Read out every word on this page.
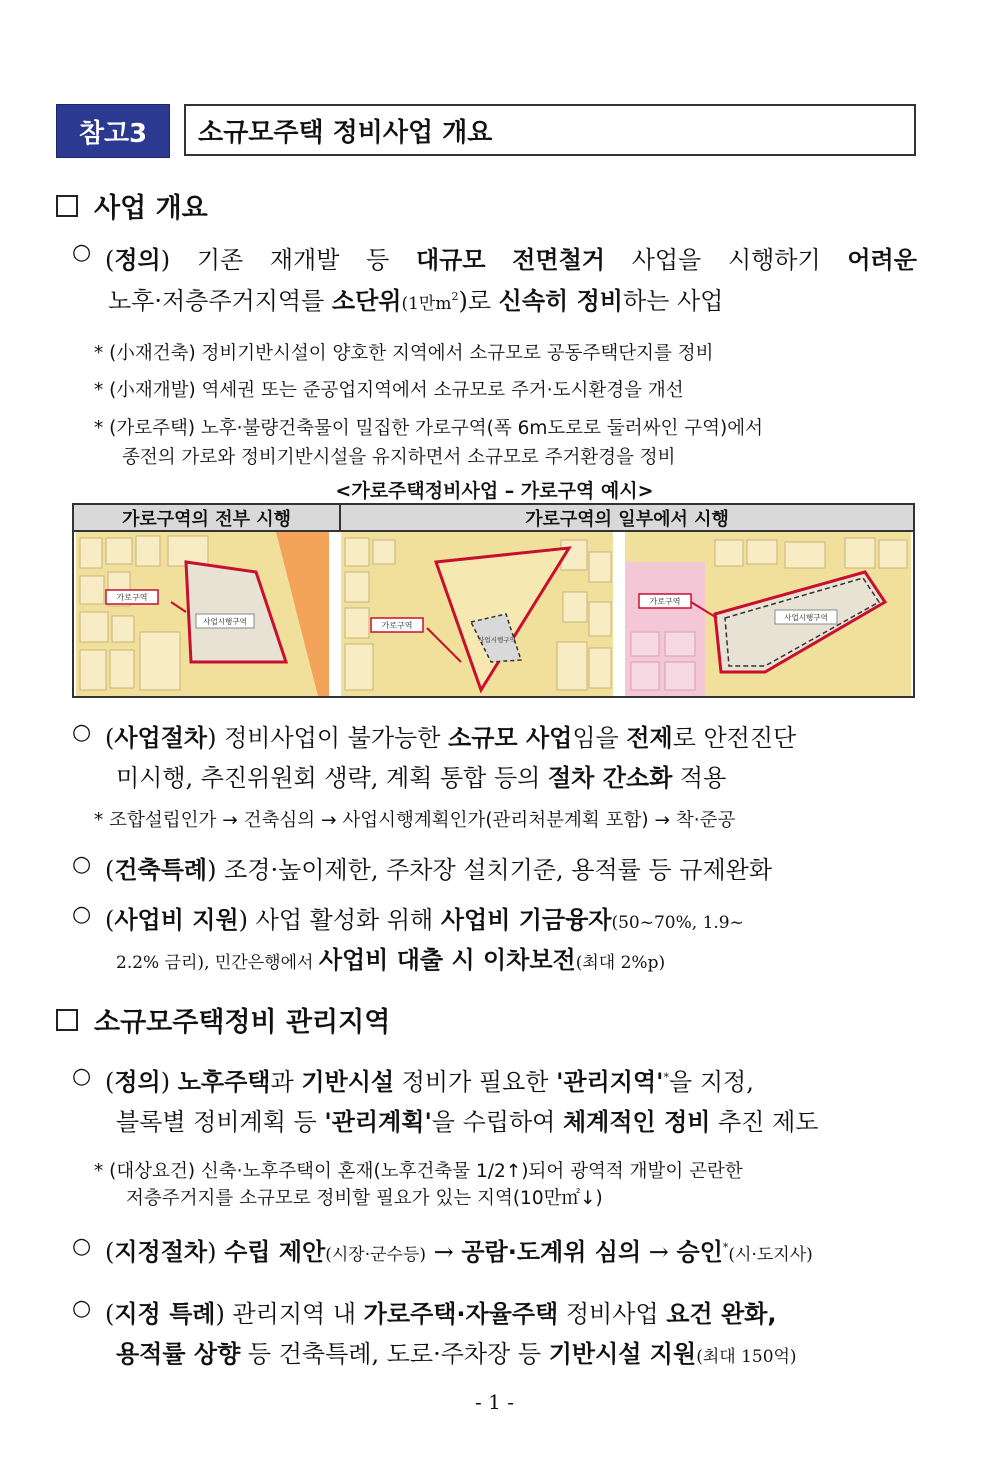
참고3	소규모주택 정비사업 개요
사업 개요
○ (정의) 기존 재개발 등 대규모 전면철거 사업을 시행하기 어려운
노후·저층주거지역를 소단위(1만$m^2$)로 신속히 정비하는 사업
* (小재건축) 정비기반시설이 양호한 지역에서 소규모로 공동주택단지를 정비
* (小재개발) 역세권 또는 준공업지역에서 소규모로 주거·도시환경을 개선
* (가로주택) 노후·불량건축물이 밀집한 가로구역(폭 6m도로로 둘러싸인 구역)에서
종전의 가로와 정비기반시설을 유지하면서 소규모로 주거환경을 정비
<가로주택정비사업 – 가로구역 예시>
가로구역의 전부 시행	가로구역의 일부에서 시행
가로구역
사업시행구역	가로구역
사업시행구역
가로구역
사업시행구역
○ (사업절차) 정비사업이 불가능한 소규모 사업임을 전제로 안전진단
미시행, 추진위원회 생략, 계획 통합 등의 절차 간소화 적용
* 조합설립인가 → 건축심의 → 사업시행계획인가(관리처분계획 포함) → 착·준공
○ (건축특례) 조경·높이제한, 주차장 설치기준, 용적률 등 규제완화
○ (사업비 지원) 사업 활성화 위해 사업비 기금융자(50~70%, 1.9~
2.2% 금리), 민간은행에서 사업비 대출 시 이차보전(최대 2%p)
소규모주택정비 관리지역
○ (정의) 노후주택과 기반시설 정비가 필요한 '관리지역'*을 지정,
블록별 정비계획 등 '관리계획'을 수립하여 체계적인 정비 추진 제도
* (대상요건) 신축·노후주택이 혼재(노후건축물 1/2↑)되어 광역적 개발이 곤란한
저층주거지를 소규모로 정비할 필요가 있는 지역(10만㎡↓)
○ (지정절차) 수립 제안(시장·군수등) → 공람·도계위 심의 → 승인*(시·도지사)
○ (지정 특례) 관리지역 내 가로주택·자율주택 정비사업 요건 완화,
용적률 상향 등 건축특례, 도로·주차장 등 기반시설 지원(최대 150억)
- 1 -
